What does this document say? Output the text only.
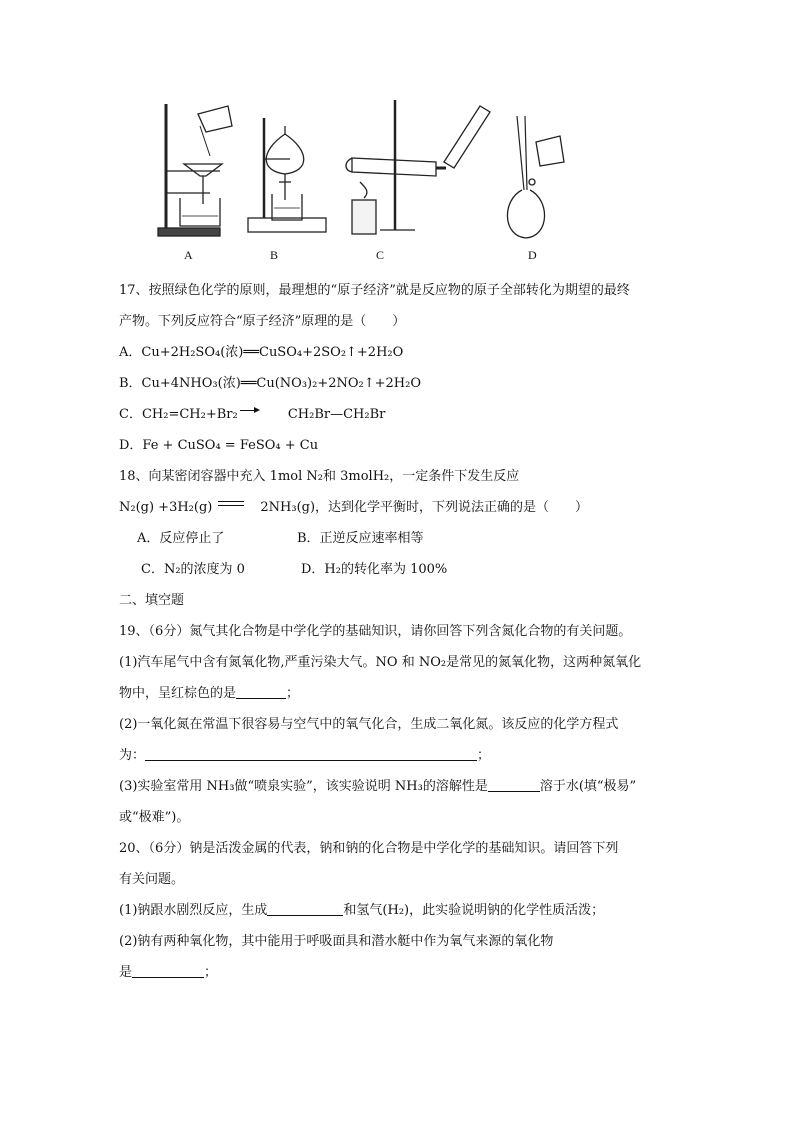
A	B	C	D
17、按照绿色化学的原则，最理想的“原子经济”就是反应物的原子全部转化为期望的最终
产物。下列反应符合“原子经济”原理的是（　　）
A．Cu+2H₂SO₄(浓)══CuSO₄+2SO₂↑+2H₂O
B．Cu+4NHO₃(浓)══Cu(NO₃)₂+2NO₂↑+2H₂O
C．CH₂=CH₂+Br₂	CH₂Br—CH₂Br
D．Fe + CuSO₄ = FeSO₄ + Cu
18、向某密闭容器中充入 1mol N₂和 3molH₂，一定条件下发生反应
N₂(g) +3H₂(g)	2NH₃(g)，达到化学平衡时，下列说法正确的是（　　）
A．反应停止了	B．正逆反应速率相等
C．N₂的浓度为 0	D．H₂的转化率为 100%
二、填空题
19、（6分）氮气其化合物是中学化学的基础知识，请你回答下列含氮化合物的有关问题。
(1)汽车尾气中含有氮氧化物,严重污染大气。NO 和 NO₂是常见的氮氧化物，这两种氮氧化
物中，呈红棕色的是	；
(2)一氧化氮在常温下很容易与空气中的氧气化合，生成二氧化氮。该反应的化学方程式
为：	；
(3)实验室常用 NH₃做“喷泉实验”，该实验说明 NH₃的溶解性是	溶于水(填“极易”
或“极难”)。
20、（6分）钠是活泼金属的代表，钠和钠的化合物是中学化学的基础知识。请回答下列
有关问题。
(1)钠跟水剧烈反应，生成	和氢气(H₂)，此实验说明钠的化学性质活泼；
(2)钠有两种氧化物，其中能用于呼吸面具和潜水艇中作为氧气来源的氧化物
是	；
